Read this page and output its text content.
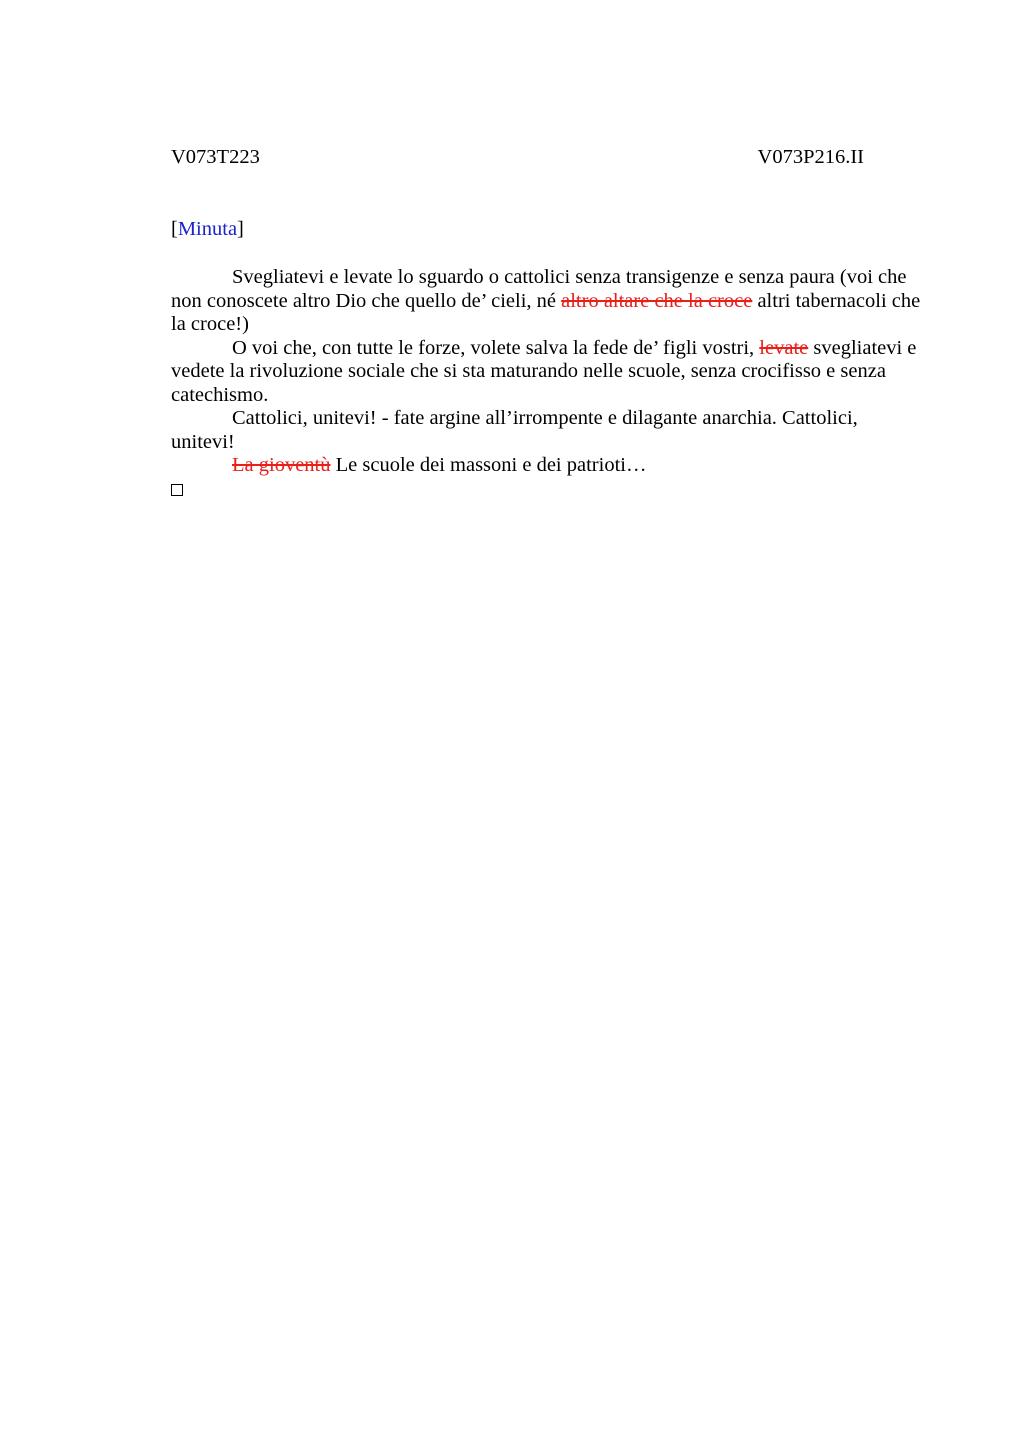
V073T223	V073P216.II
[Minuta]

Svegliatevi e levate lo sguardo o cattolici senza transigenze e senza paura (voi che non conoscete altro Dio che quello de’ cieli, né altro altare che la croce altri tabernacoli che la croce!)

O voi che, con tutte le forze, volete salva la fede de’ figli vostri, levate svegliatevi e vedete la rivoluzione sociale che si sta maturando nelle scuole, senza crocifisso e senza catechismo.

Cattolici, unitevi! - fate argine all’irrompente e dilagante anarchia. Cattolici, unitevi!

La gioventù Le scuole dei massoni e dei patrioti…
